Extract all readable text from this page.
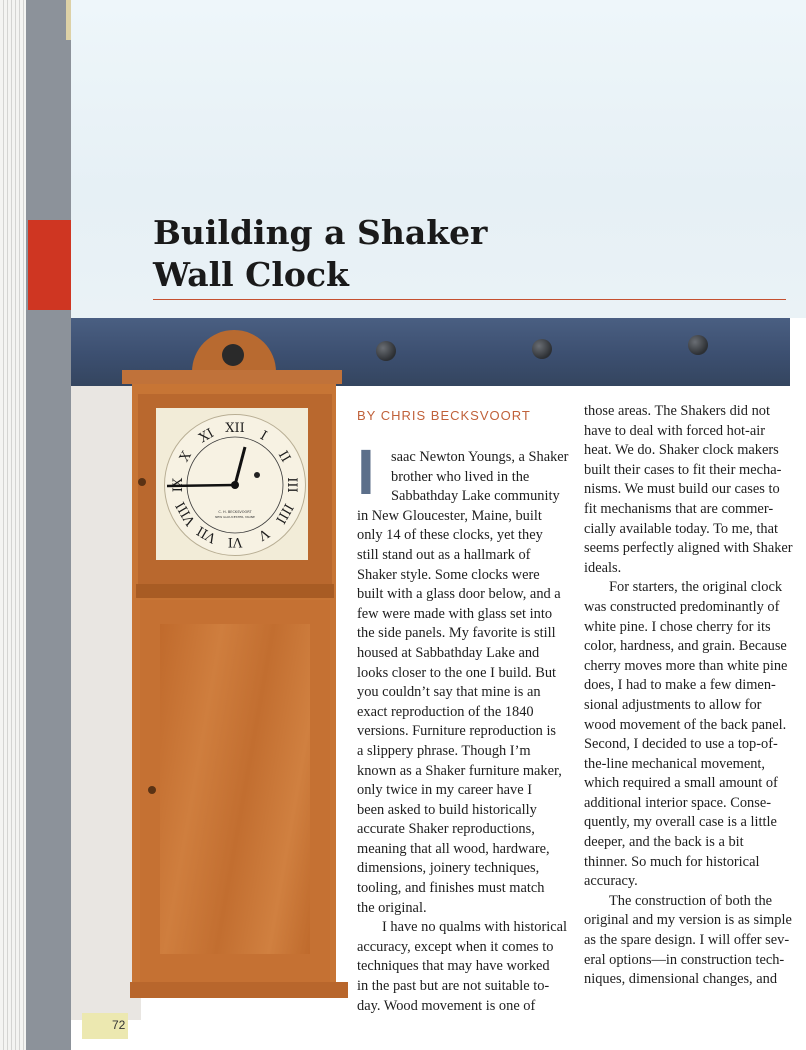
Building a Shaker
Wall Clock
XII I
II
III
IIII
V
VI
VII
VIII
X
XI
C. H. BECKSVOORT
NEW GLOUCESTER, MAINE
BY CHRIS BECKSVOORT
I	saac Newton Youngs, a Shaker
brother who lived in the
Sabbathday Lake community
in New Gloucester, Maine, built
only 14 of these clocks, yet they
still stand out as a hallmark of
Shaker style. Some clocks were
built with a glass door below, and a
few were made with glass set into
the side panels. My favorite is still
housed at Sabbathday Lake and
looks closer to the one I build. But
you couldn’t say that mine is an
exact reproduction of the 1840
versions. Furniture reproduction is
a slippery phrase. Though I’m
known as a Shaker furniture maker,
only twice in my career have I
been asked to build historically
accurate Shaker reproductions,
meaning that all wood, hardware,
dimensions, joinery techniques,
tooling, and finishes must match
the original.
I have no qualms with historical
accuracy, except when it comes to
techniques that may have worked
in the past but are not suitable to-
day. Wood movement is one of
those areas. The Shakers did not
have to deal with forced hot-air
heat. We do. Shaker clock makers
built their cases to fit their mecha-
nisms. We must build our cases to
fit mechanisms that are commer-
cially available today. To me, that
seems perfectly aligned with Shaker
ideals.
For starters, the original clock
was constructed predominantly of
white pine. I chose cherry for its
color, hardness, and grain. Because
cherry moves more than white pine
does, I had to make a few dimen-
sional adjustments to allow for
wood movement of the back panel.
Second, I decided to use a top-of-
the-line mechanical movement,
which required a small amount of
additional interior space. Conse-
quently, my overall case is a little
deeper, and the back is a bit
thinner. So much for historical
accuracy.
The construction of both the
original and my version is as simple
as the spare design. I will offer sev-
eral options—in construction tech-
niques, dimensional changes, and
72
